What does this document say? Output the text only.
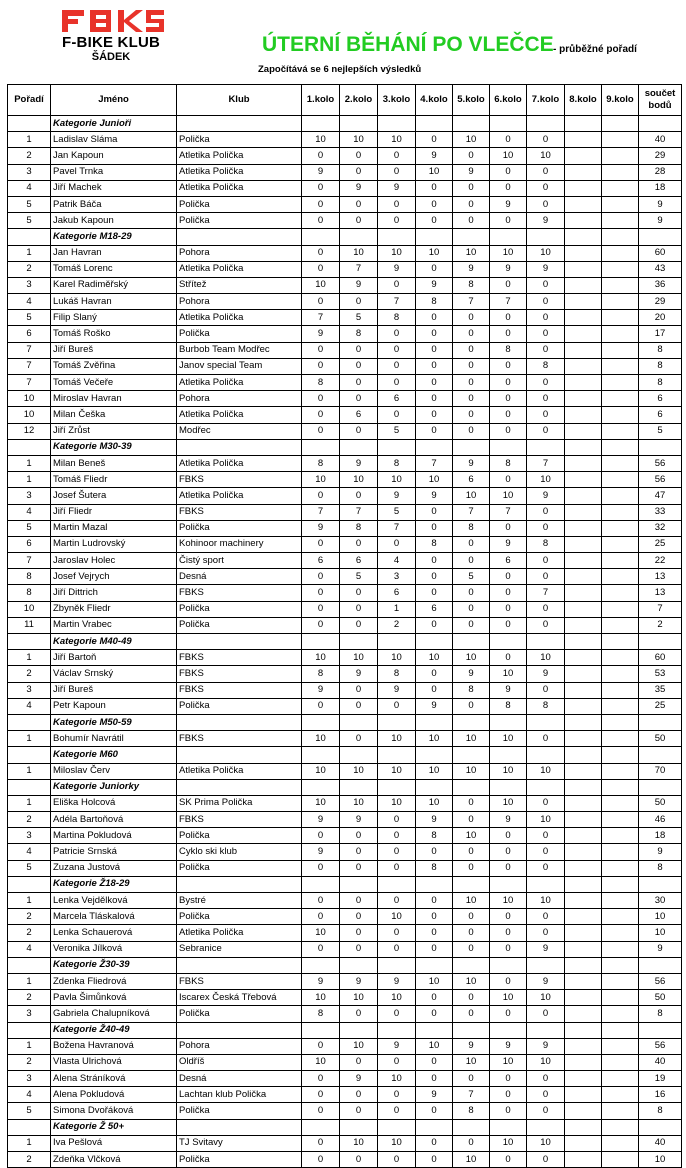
F-BIKE KLUB
ŠÁDEK
ÚTERNÍ BĚHÁNÍ PO VLEČCE - průběžné pořadí
Započítává se 6 nejlepších výsledků
Pořadí	Jméno	Klub	1.kolo	2.kolo	3.kolo	4.kolo	5.kolo	6.kolo	7.kolo	8.kolo	9.kolo	součet bodů
	Kategorie Junioři											
1	Ladislav Sláma	Polička	10	10	10	0	10	0	0			40
2	Jan Kapoun	Atletika Polička	0	0	0	9	0	10	10			29
3	Pavel Trnka	Atletika Polička	9	0	0	10	9	0	0			28
4	Jiří Machek	Atletika Polička	0	9	9	0	0	0	0			18
5	Patrik Báča	Polička	0	0	0	0	0	9	0			9
5	Jakub Kapoun	Polička	0	0	0	0	0	0	9			9
	Kategorie M18-29											
1	Jan Havran	Pohora	0	10	10	10	10	10	10			60
2	Tomáš Lorenc	Atletika Polička	0	7	9	0	9	9	9			43
3	Karel Radiměřský	Střítež	10	9	0	9	8	0	0			36
4	Lukáš Havran	Pohora	0	0	7	8	7	7	0			29
5	Filip Slaný	Atletika Polička	7	5	8	0	0	0	0			20
6	Tomáš Roško	Polička	9	8	0	0	0	0	0			17
7	Jiří Bureš	Burbob Team Modřec	0	0	0	0	0	8	0			8
7	Tomáš Zvěřina	Janov special Team	0	0	0	0	0	0	8			8
7	Tomáš Večeře	Atletika Polička	8	0	0	0	0	0	0			8
10	Miroslav Havran	Pohora	0	0	6	0	0	0	0			6
10	Milan Češka	Atletika Polička	0	6	0	0	0	0	0			6
12	Jiří Zrůst	Modřec	0	0	5	0	0	0	0			5
	Kategorie M30-39											
1	Milan Beneš	Atletika Polička	8	9	8	7	9	8	7			56
1	Tomáš Fliedr	FBKS	10	10	10	10	6	0	10			56
3	Josef Šutera	Atletika Polička	0	0	9	9	10	10	9			47
4	Jiří Fliedr	FBKS	7	7	5	0	7	7	0			33
5	Martin Mazal	Polička	9	8	7	0	8	0	0			32
6	Martin Ludrovský	Kohinoor machinery	0	0	0	8	0	9	8			25
7	Jaroslav Holec	Čistý sport	6	6	4	0	0	6	0			22
8	Josef Vejrych	Desná	0	5	3	0	5	0	0			13
8	Jiří Dittrich	FBKS	0	0	6	0	0	0	7			13
10	Zbyněk Fliedr	Polička	0	0	1	6	0	0	0			7
11	Martin Vrabec	Polička	0	0	2	0	0	0	0			2
	Kategorie M40-49											
1	Jiří Bartoň	FBKS	10	10	10	10	10	0	10			60
2	Václav Srnský	FBKS	8	9	8	0	9	10	9			53
3	Jiří Bureš	FBKS	9	0	9	0	8	9	0			35
4	Petr Kapoun	Polička	0	0	0	9	0	8	8			25
	Kategorie M50-59											
1	Bohumír Navrátil	FBKS	10	0	10	10	10	10	0			50
	Kategorie M60											
1	Miloslav Červ	Atletika Polička	10	10	10	10	10	10	10			70
	Kategorie Juniorky											
1	Eliška Holcová	SK Prima Polička	10	10	10	10	0	10	0			50
2	Adéla Bartoňová	FBKS	9	9	0	9	0	9	10			46
3	Martina Pokludová	Polička	0	0	0	8	10	0	0			18
4	Patricie Srnská	Cyklo ski klub	9	0	0	0	0	0	0			9
5	Zuzana Justová	Polička	0	0	0	8	0	0	0			8
	Kategorie Ž18-29											
1	Lenka Vejdělková	Bystré	0	0	0	0	10	10	10			30
2	Marcela Tláskalová	Polička	0	0	10	0	0	0	0			10
2	Lenka Schauerová	Atletika Polička	10	0	0	0	0	0	0			10
4	Veronika Jílková	Sebranice	0	0	0	0	0	0	9			9
	Kategorie Ž30-39											
1	Zdenka Fliedrová	FBKS	9	9	9	10	10	0	9			56
2	Pavla Šimůnková	Iscarex Česká Třebová	10	10	10	0	0	10	10			50
3	Gabriela Chalupníková	Polička	8	0	0	0	0	0	0			8
	Kategorie Ž40-49											
1	Božena Havranová	Pohora	0	10	9	10	9	9	9			56
2	Vlasta Ulrichová	Oldříš	10	0	0	0	10	10	10			40
3	Alena Stráníková	Desná	0	9	10	0	0	0	0			19
4	Alena Pokludová	Lachtan klub Polička	0	0	0	9	7	0	0			16
5	Simona Dvořáková	Polička	0	0	0	0	8	0	0			8
	Kategorie Ž 50+											
1	Iva Pešlová	TJ Svitavy	0	10	10	0	0	10	10			40
2	Zdeňka Vlčková	Polička	0	0	0	0	10	0	0			10
